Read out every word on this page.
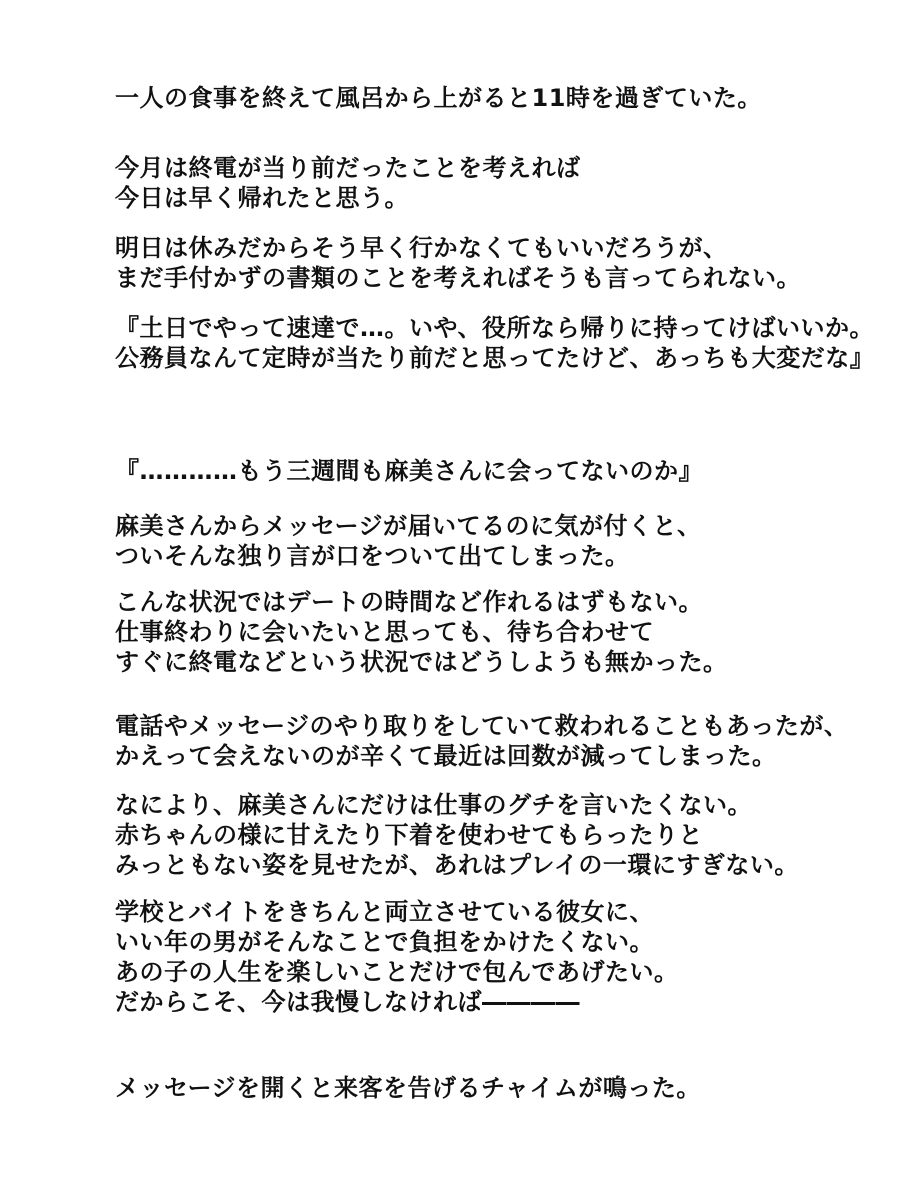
一人の食事を終えて風呂から上がると11時を過ぎていた。
今月は終電が当り前だったことを考えれば
今日は早く帰れたと思う。
明日は休みだからそう早く行かなくてもいいだろうが、
まだ手付かずの書類のことを考えればそうも言ってられない。
『土日でやって速達で…。いや、役所なら帰りに持ってけばいいか。
公務員なんて定時が当たり前だと思ってたけど、あっちも大変だな』
『…………もう三週間も麻美さんに会ってないのか』
麻美さんからメッセージが届いてるのに気が付くと、
ついそんな独り言が口をついて出てしまった。
こんな状況ではデートの時間など作れるはずもない。
仕事終わりに会いたいと思っても、待ち合わせて
すぐに終電などという状況ではどうしようも無かった。
電話やメッセージのやり取りをしていて救われることもあったが、
かえって会えないのが辛くて最近は回数が減ってしまった。
なにより、麻美さんにだけは仕事のグチを言いたくない。
赤ちゃんの様に甘えたり下着を使わせてもらったりと
みっともない姿を見せたが、あれはプレイの一環にすぎない。
学校とバイトをきちんと両立させている彼女に、
いい年の男がそんなことで負担をかけたくない。
あの子の人生を楽しいことだけで包んであげたい。
だからこそ、今は我慢しなければ――――
メッセージを開くと来客を告げるチャイムが鳴った。
